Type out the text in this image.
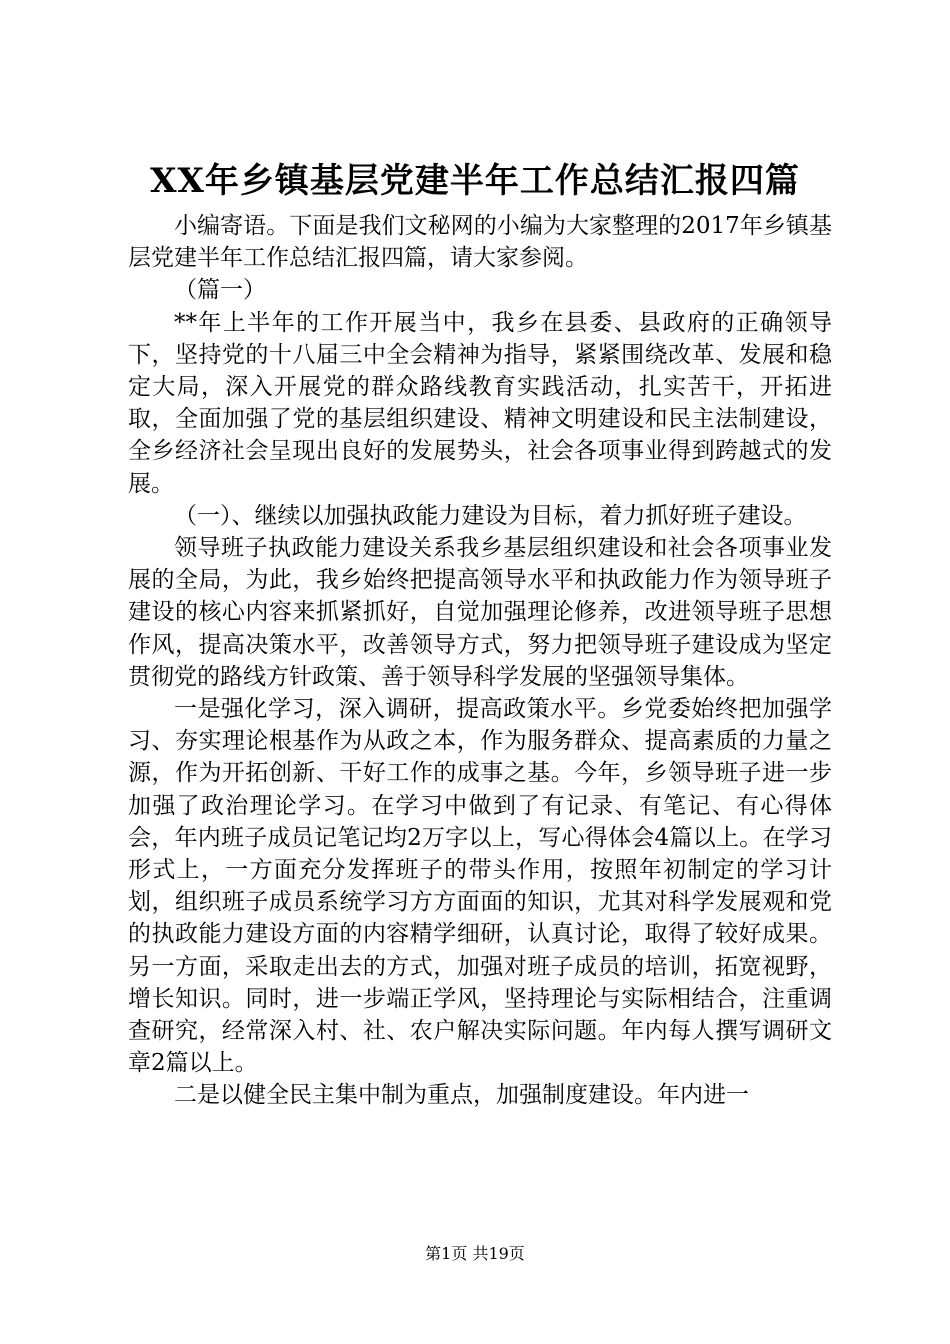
XX年乡镇基层党建半年工作总结汇报四篇

小编寄语。下面是我们文秘网的小编为大家整理的2017年乡镇基层党建半年工作总结汇报四篇，请大家参阅。

（篇一）

**年上半年的工作开展当中，我乡在县委、县政府的正确领导下，坚持党的十八届三中全会精神为指导，紧紧围绕改革、发展和稳定大局，深入开展党的群众路线教育实践活动，扎实苦干，开拓进取，全面加强了党的基层组织建设、精神文明建设和民主法制建设，全乡经济社会呈现出良好的发展势头，社会各项事业得到跨越式的发展。

（一）、继续以加强执政能力建设为目标，着力抓好班子建设。

领导班子执政能力建设关系我乡基层组织建设和社会各项事业发展的全局，为此，我乡始终把提高领导水平和执政能力作为领导班子建设的核心内容来抓紧抓好，自觉加强理论修养，改进领导班子思想作风，提高决策水平，改善领导方式，努力把领导班子建设成为坚定贯彻党的路线方针政策、善于领导科学发展的坚强领导集体。

一是强化学习，深入调研，提高政策水平。乡党委始终把加强学习、夯实理论根基作为从政之本，作为服务群众、提高素质的力量之源，作为开拓创新、干好工作的成事之基。今年，乡领导班子进一步加强了政治理论学习。在学习中做到了有记录、有笔记、有心得体会，年内班子成员记笔记均2万字以上，写心得体会4篇以上。在学习形式上，一方面充分发挥班子的带头作用，按照年初制定的学习计划，组织班子成员系统学习方方面面的知识，尤其对科学发展观和党的执政能力建设方面的内容精学细研，认真讨论，取得了较好成果。另一方面，采取走出去的方式，加强对班子成员的培训，拓宽视野，增长知识。同时，进一步端正学风，坚持理论与实际相结合，注重调查研究，经常深入村、社、农户解决实际问题。年内每人撰写调研文章2篇以上。

二是以健全民主集中制为重点，加强制度建设。年内进一

第1页 共19页
